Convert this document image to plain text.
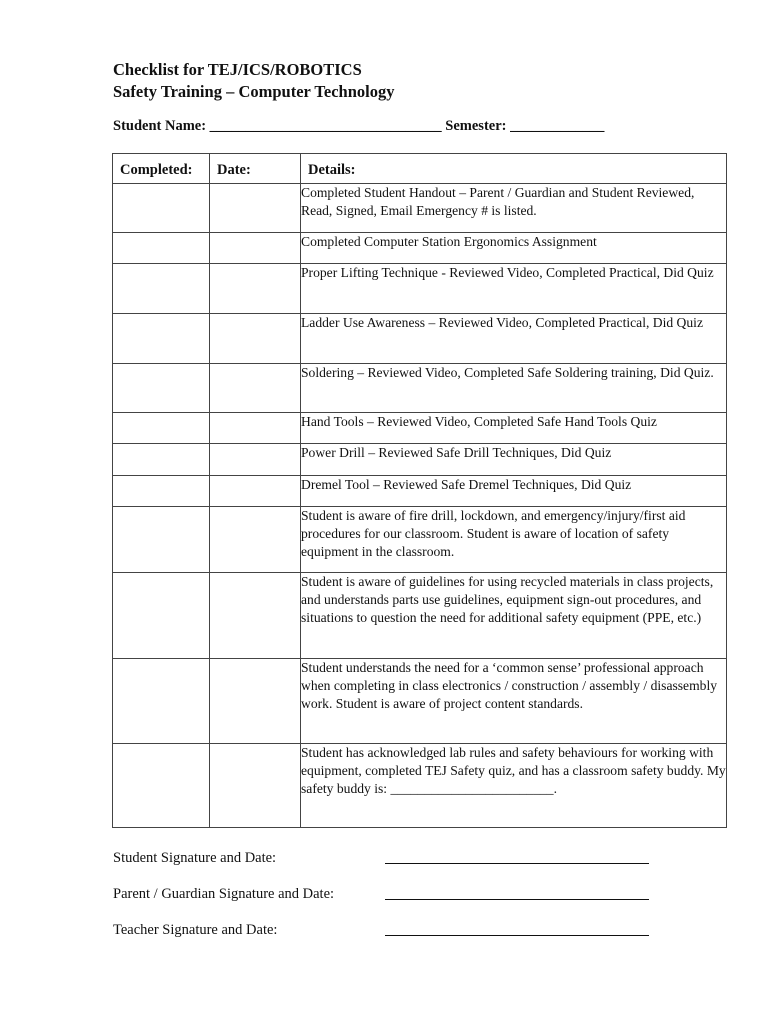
Checklist for TEJ/ICS/ROBOTICS
Safety Training – Computer Technology
Student Name: ________________________________ Semester: _____________
Completed:	Date:	Details:
		Completed Student Handout – Parent / Guardian and Student Reviewed, Read, Signed, Email Emergency # is listed.
		Completed Computer Station Ergonomics Assignment
		Proper Lifting Technique - Reviewed Video, Completed Practical, Did Quiz
		Ladder Use Awareness – Reviewed Video, Completed Practical, Did Quiz
		Soldering – Reviewed Video, Completed Safe Soldering training, Did Quiz.
		Hand Tools – Reviewed Video, Completed Safe Hand Tools Quiz
		Power Drill – Reviewed Safe Drill Techniques, Did Quiz
		Dremel Tool – Reviewed Safe Dremel Techniques, Did Quiz
		Student is aware of fire drill, lockdown, and emergency/injury/first aid procedures for our classroom. Student is aware of location of safety equipment in the classroom.
		Student is aware of guidelines for using recycled materials in class projects, and understands parts use guidelines, equipment sign-out procedures, and situations to question the need for additional safety equipment (PPE, etc.)
		Student understands the need for a ‘common sense’ professional approach when completing in class electronics / construction / assembly / disassembly work. Student is aware of project content standards.
		Student has acknowledged lab rules and safety behaviours for working with equipment, completed TEJ Safety quiz, and has a classroom safety buddy. My safety buddy is: ________________________.
Student Signature and Date:
Parent / Guardian Signature and Date:
Teacher Signature and Date:
